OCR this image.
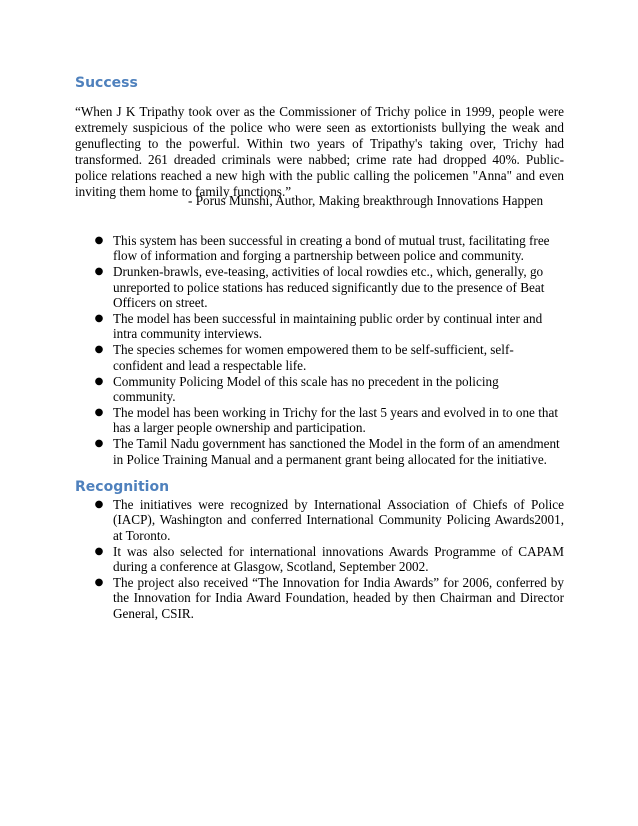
Success

“When J K Tripathy took over as the Commissioner of Trichy police in 1999, people were extremely suspicious of the police who were seen as extortionists bullying the weak and genuflecting to the powerful. Within two years of Tripathy's taking over, Trichy had transformed. 261 dreaded criminals were nabbed; crime rate had dropped 40%. Public-police relations reached a new high with the public calling the policemen "Anna" and even inviting them home to family functions.”

- Porus Munshi, Author, Making breakthrough Innovations Happen

● This system has been successful in creating a bond of mutual trust, facilitating free flow of information and forging a partnership between police and community.
● Drunken-brawls, eve-teasing, activities of local rowdies etc., which, generally, go unreported to police stations has reduced significantly due to the presence of Beat Officers on street.
● The model has been successful in maintaining public order by continual inter and intra community interviews.
● The species schemes for women empowered them to be self-sufficient, self-confident and lead a respectable life.
● Community Policing Model of this scale has no precedent in the policing community.
● The model has been working in Trichy for the last 5 years and evolved in to one that has a larger people ownership and participation.
● The Tamil Nadu government has sanctioned the Model in the form of an amendment in Police Training Manual and a permanent grant being allocated for the initiative.
Recognition
● The initiatives were recognized by International Association of Chiefs of Police (IACP), Washington and conferred International Community Policing Awards2001, at Toronto.
● It was also selected for international innovations Awards Programme of CAPAM during a conference at Glasgow, Scotland, September 2002.
● The project also received “The Innovation for India Awards” for 2006, conferred by the Innovation for India Award Foundation, headed by then Chairman and Director General, CSIR.
